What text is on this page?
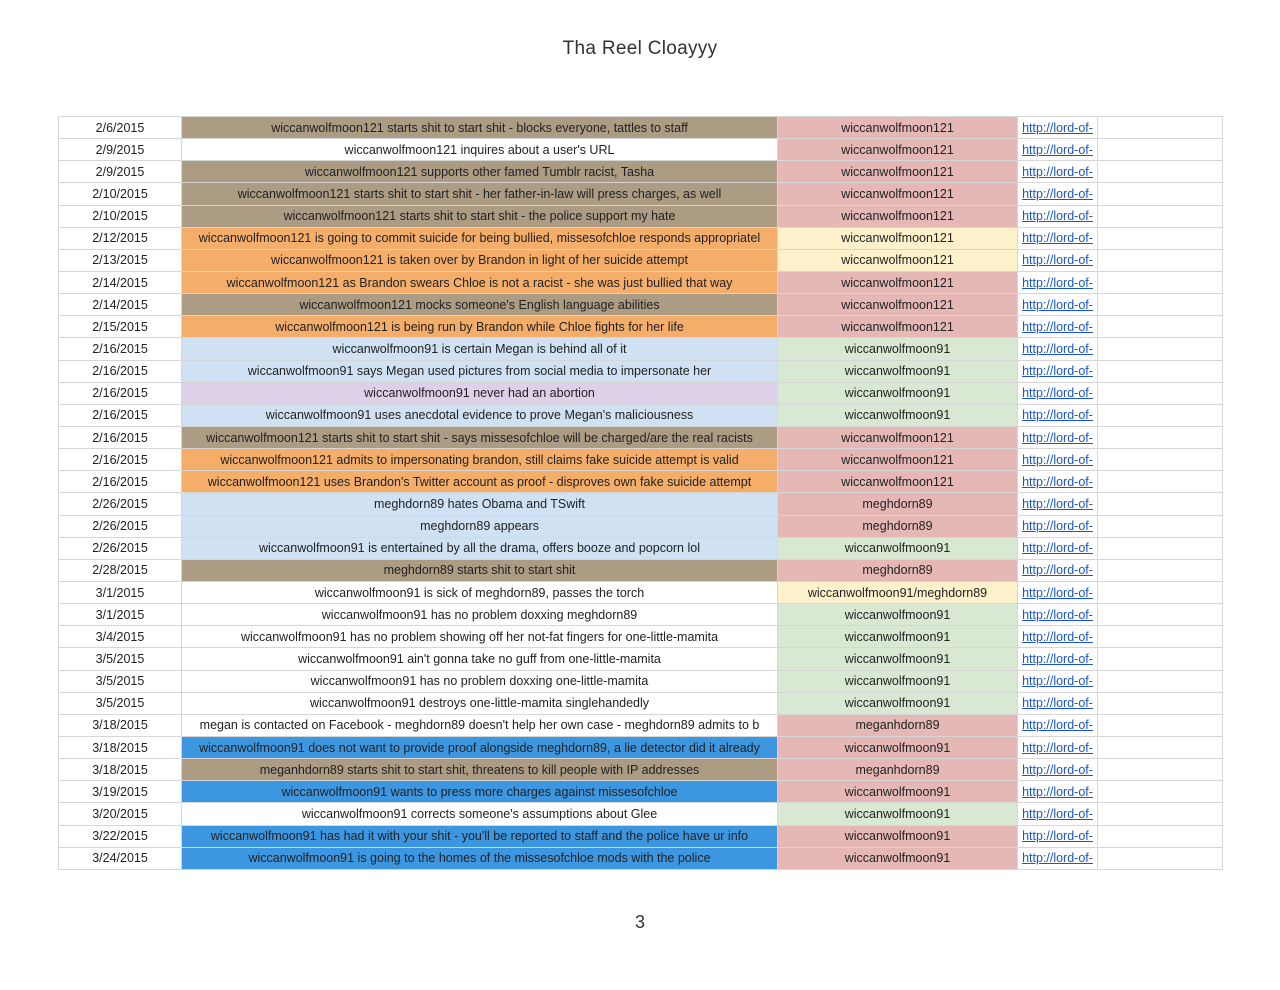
Tha Reel Cloayyy
2/6/2015	wiccanwolfmoon121 starts shit to start shit - blocks everyone, tattles to staff	wiccanwolfmoon121	http://lord-of-	
2/9/2015	wiccanwolfmoon121 inquires about a user's URL	wiccanwolfmoon121	http://lord-of-	
2/9/2015	wiccanwolfmoon121 supports other famed Tumblr racist, Tasha	wiccanwolfmoon121	http://lord-of-	
2/10/2015	wiccanwolfmoon121 starts shit to start shit - her father-in-law will press charges, as well	wiccanwolfmoon121	http://lord-of-	
2/10/2015	wiccanwolfmoon121 starts shit to start shit - the police support my hate	wiccanwolfmoon121	http://lord-of-	
2/12/2015	wiccanwolfmoon121 is going to commit suicide for being bullied, missesofchloe responds appropriatel	wiccanwolfmoon121	http://lord-of-	
2/13/2015	wiccanwolfmoon121 is taken over by Brandon in light of her suicide attempt	wiccanwolfmoon121	http://lord-of-	
2/14/2015	wiccanwolfmoon121 as Brandon swears Chloe is not a racist - she was just bullied that way	wiccanwolfmoon121	http://lord-of-	
2/14/2015	wiccanwolfmoon121 mocks someone's English language abilities	wiccanwolfmoon121	http://lord-of-	
2/15/2015	wiccanwolfmoon121 is being run by Brandon while Chloe fights for her life	wiccanwolfmoon121	http://lord-of-	
2/16/2015	wiccanwolfmoon91 is certain Megan is behind all of it	wiccanwolfmoon91	http://lord-of-	
2/16/2015	wiccanwolfmoon91 says Megan used pictures from social media to impersonate her	wiccanwolfmoon91	http://lord-of-	
2/16/2015	wiccanwolfmoon91 never had an abortion	wiccanwolfmoon91	http://lord-of-	
2/16/2015	wiccanwolfmoon91 uses anecdotal evidence to prove Megan's maliciousness	wiccanwolfmoon91	http://lord-of-	
2/16/2015	wiccanwolfmoon121 starts shit to start shit - says missesofchloe will be charged/are the real racists	wiccanwolfmoon121	http://lord-of-	
2/16/2015	wiccanwolfmoon121 admits to impersonating brandon, still claims fake suicide attempt is valid	wiccanwolfmoon121	http://lord-of-	
2/16/2015	wiccanwolfmoon121 uses Brandon's Twitter account as proof - disproves own fake suicide attempt	wiccanwolfmoon121	http://lord-of-	
2/26/2015	meghdorn89 hates Obama and TSwift	meghdorn89	http://lord-of-	
2/26/2015	meghdorn89 appears	meghdorn89	http://lord-of-	
2/26/2015	wiccanwolfmoon91 is entertained by all the drama, offers booze and popcorn lol	wiccanwolfmoon91	http://lord-of-	
2/28/2015	meghdorn89 starts shit to start shit	meghdorn89	http://lord-of-	
3/1/2015	wiccanwolfmoon91 is sick of meghdorn89, passes the torch	wiccanwolfmoon91/meghdorn89	http://lord-of-	
3/1/2015	wiccanwolfmoon91 has no problem doxxing meghdorn89	wiccanwolfmoon91	http://lord-of-	
3/4/2015	wiccanwolfmoon91 has no problem showing off her not-fat fingers for one-little-mamita	wiccanwolfmoon91	http://lord-of-	
3/5/2015	wiccanwolfmoon91 ain't gonna take no guff from one-little-mamita	wiccanwolfmoon91	http://lord-of-	
3/5/2015	wiccanwolfmoon91 has no problem doxxing one-little-mamita	wiccanwolfmoon91	http://lord-of-	
3/5/2015	wiccanwolfmoon91 destroys one-little-mamita singlehandedly	wiccanwolfmoon91	http://lord-of-	
3/18/2015	megan is contacted on Facebook - meghdorn89 doesn't help her own case - meghdorn89 admits to b	meganhdorn89	http://lord-of-	
3/18/2015	wiccanwolfmoon91 does not want to provide proof alongside meghdorn89, a lie detector did it already	wiccanwolfmoon91	http://lord-of-	
3/18/2015	meganhdorn89 starts shit to start shit, threatens to kill people with IP addresses	meganhdorn89	http://lord-of-	
3/19/2015	wiccanwolfmoon91 wants to press more charges against missesofchloe	wiccanwolfmoon91	http://lord-of-	
3/20/2015	wiccanwolfmoon91 corrects someone's assumptions about Glee	wiccanwolfmoon91	http://lord-of-	
3/22/2015	wiccanwolfmoon91 has had it with your shit - you'll be reported to staff and the police have ur info	wiccanwolfmoon91	http://lord-of-	
3/24/2015	wiccanwolfmoon91 is going to the homes of the missesofchloe mods with the police	wiccanwolfmoon91	http://lord-of-	
3
